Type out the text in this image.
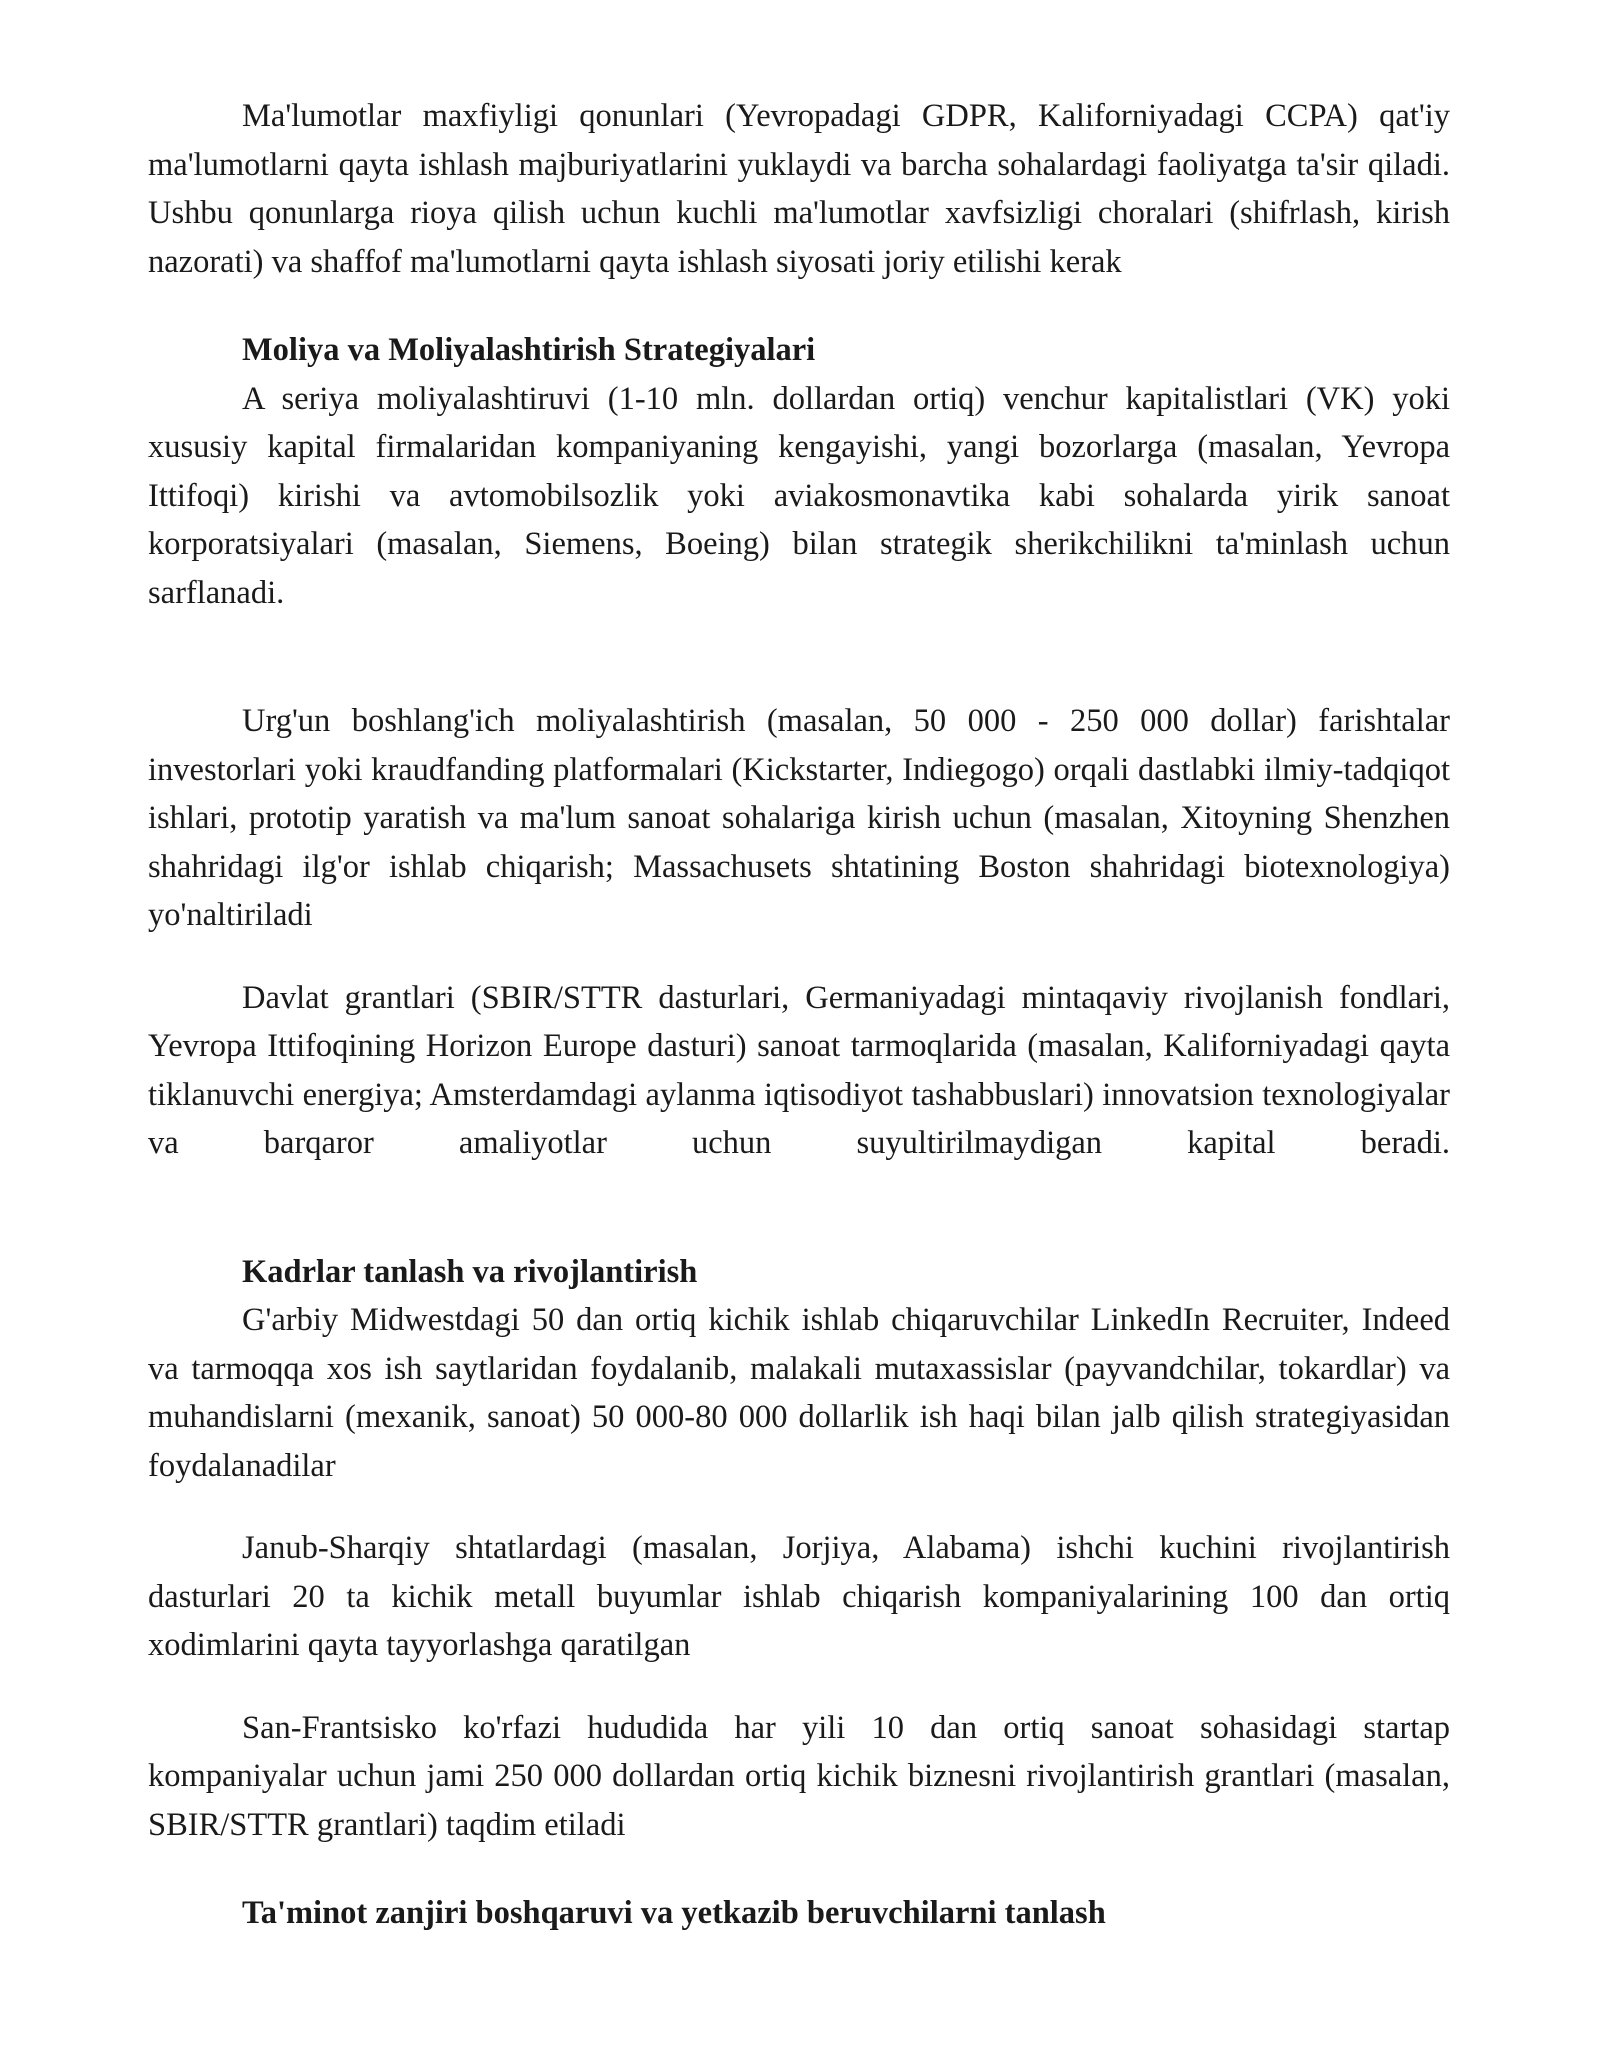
Ma'lumotlar maxfiyligi qonunlari (Yevropadagi GDPR, Kaliforniyadagi CCPA) qat'iy ma'lumotlarni qayta ishlash majburiyatlarini yuklaydi va barcha sohalardagi faoliyatga ta'sir qiladi. Ushbu qonunlarga rioya qilish uchun kuchli ma'lumotlar xavfsizligi choralari (shifrlash, kirish nazorati) va shaffof ma'lumotlarni qayta ishlash siyosati joriy etilishi kerak

Moliya va Moliyalashtirish Strategiyalari

A seriya moliyalashtiruvi (1-10 mln. dollardan ortiq) venchur kapitalistlari (VK) yoki xususiy kapital firmalaridan kompaniyaning kengayishi, yangi bozorlarga (masalan, Yevropa Ittifoqi) kirishi va avtomobilsozlik yoki aviakosmonavtika kabi sohalarda yirik sanoat korporatsiyalari (masalan, Siemens, Boeing) bilan strategik sherikchilikni ta'minlash uchun sarflanadi.

Urg'un boshlang'ich moliyalashtirish (masalan, 50 000 - 250 000 dollar) farishtalar investorlari yoki kraudfanding platformalari (Kickstarter, Indiegogo) orqali dastlabki ilmiy-tadqiqot ishlari, prototip yaratish va ma'lum sanoat sohalariga kirish uchun (masalan, Xitoyning Shenzhen shahridagi ilg'or ishlab chiqarish; Massachusets shtatining Boston shahridagi biotexnologiya) yo'naltiriladi

Davlat grantlari (SBIR/STTR dasturlari, Germaniyadagi mintaqaviy rivojlanish fondlari, Yevropa Ittifoqining Horizon Europe dasturi) sanoat tarmoqlarida (masalan, Kaliforniyadagi qayta tiklanuvchi energiya; Amsterdamdagi aylanma iqtisodiyot tashabbuslari) innovatsion texnologiyalar va barqaror amaliyotlar uchun suyultirilmaydigan kapital beradi.

Kadrlar tanlash va rivojlantirish

G'arbiy Midwestdagi 50 dan ortiq kichik ishlab chiqaruvchilar LinkedIn Recruiter, Indeed va tarmoqqa xos ish saytlaridan foydalanib, malakali mutaxassislar (payvandchilar, tokardlar) va muhandislarni (mexanik, sanoat) 50 000-80 000 dollarlik ish haqi bilan jalb qilish strategiyasidan foydalanadilar

Janub-Sharqiy shtatlardagi (masalan, Jorjiya, Alabama) ishchi kuchini rivojlantirish dasturlari 20 ta kichik metall buyumlar ishlab chiqarish kompaniyalarining 100 dan ortiq xodimlarini qayta tayyorlashga qaratilgan

San-Frantsisko ko'rfazi hududida har yili 10 dan ortiq sanoat sohasidagi startap kompaniyalar uchun jami 250 000 dollardan ortiq kichik biznesni rivojlantirish grantlari (masalan, SBIR/STTR grantlari) taqdim etiladi

Ta'minot zanjiri boshqaruvi va yetkazib beruvchilarni tanlash
